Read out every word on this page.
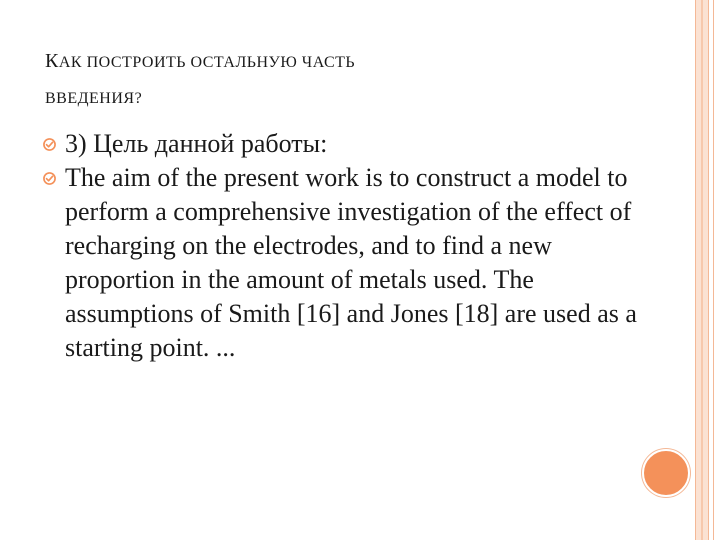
КАК ПОСТРОИТЬ ОСТАЛЬНУЮ ЧАСТЬ
ВВЕДЕНИЯ?
3) Цель данной работы:
The aim of the present work is to construct a model to perform a comprehensive investigation of the effect of recharging on the electrodes, and to find a new proportion in the amount of metals used. The assumptions of Smith [16] and Jones [18] are used as a starting point. ...
